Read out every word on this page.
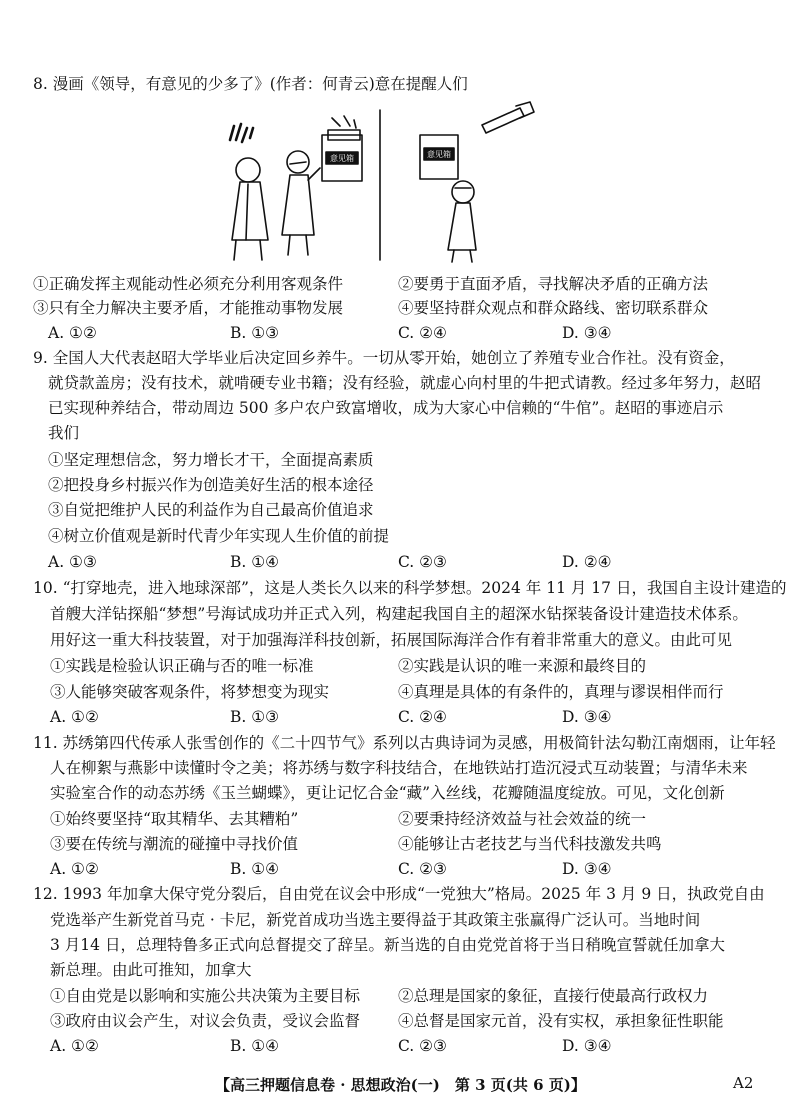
8. 漫画《领导，有意见的少多了》(作者：何青云)意在提醒人们
意见箱	意见箱
①正确发挥主观能动性必须充分利用客观条件	②要勇于直面矛盾，寻找解决矛盾的正确方法
③只有全力解决主要矛盾，才能推动事物发展	④要坚持群众观点和群众路线、密切联系群众
A. ①②	B. ①③	C. ②④	D. ③④
9. 全国人大代表赵昭大学毕业后决定回乡养牛。一切从零开始，她创立了养殖专业合作社。没有资金，
就贷款盖房；没有技术，就啃硬专业书籍；没有经验，就虚心向村里的牛把式请教。经过多年努力，赵昭
已实现种养结合，带动周边 500 多户农户致富增收，成为大家心中信赖的“牛倌”。赵昭的事迹启示
我们
①坚定理想信念，努力增长才干，全面提高素质
②把投身乡村振兴作为创造美好生活的根本途径
③自觉把维护人民的利益作为自己最高价值追求
④树立价值观是新时代青少年实现人生价值的前提
A. ①③	B. ①④	C. ②③	D. ②④
10. “打穿地壳，进入地球深部”，这是人类长久以来的科学梦想。2024 年 11 月 17 日，我国自主设计建造的
首艘大洋钻探船“梦想”号海试成功并正式入列，构建起我国自主的超深水钻探装备设计建造技术体系。
用好这一重大科技装置，对于加强海洋科技创新，拓展国际海洋合作有着非常重大的意义。由此可见
①实践是检验认识正确与否的唯一标准	②实践是认识的唯一来源和最终目的
③人能够突破客观条件，将梦想变为现实	④真理是具体的有条件的，真理与谬误相伴而行
A. ①②	B. ①③	C. ②④	D. ③④
11. 苏绣第四代传承人张雪创作的《二十四节气》系列以古典诗词为灵感，用极简针法勾勒江南烟雨，让年轻
人在柳絮与燕影中读懂时令之美；将苏绣与数字科技结合，在地铁站打造沉浸式互动装置；与清华未来
实验室合作的动态苏绣《玉兰蝴蝶》，更让记忆合金“藏”入丝线，花瓣随温度绽放。可见，文化创新
①始终要坚持“取其精华、去其糟粕”	②要秉持经济效益与社会效益的统一
③要在传统与潮流的碰撞中寻找价值	④能够让古老技艺与当代科技激发共鸣
A. ①②	B. ①④	C. ②③	D. ③④
12. 1993 年加拿大保守党分裂后，自由党在议会中形成“一党独大”格局。2025 年 3 月 9 日，执政党自由
党选举产生新党首马克 · 卡尼，新党首成功当选主要得益于其政策主张赢得广泛认可。当地时间
3 月14 日，总理特鲁多正式向总督提交了辞呈。新当选的自由党党首将于当日稍晚宣誓就任加拿大
新总理。由此可推知，加拿大
①自由党是以影响和实施公共决策为主要目标 ②总理是国家的象征，直接行使最高行政权力
③政府由议会产生，对议会负责，受议会监督 ④总督是国家元首，没有实权，承担象征性职能
A. ①②	B. ①④	C. ②③	D. ③④
【高三押题信息卷 · 思想政治(一)　第 3 页(共 6 页)】	A2
